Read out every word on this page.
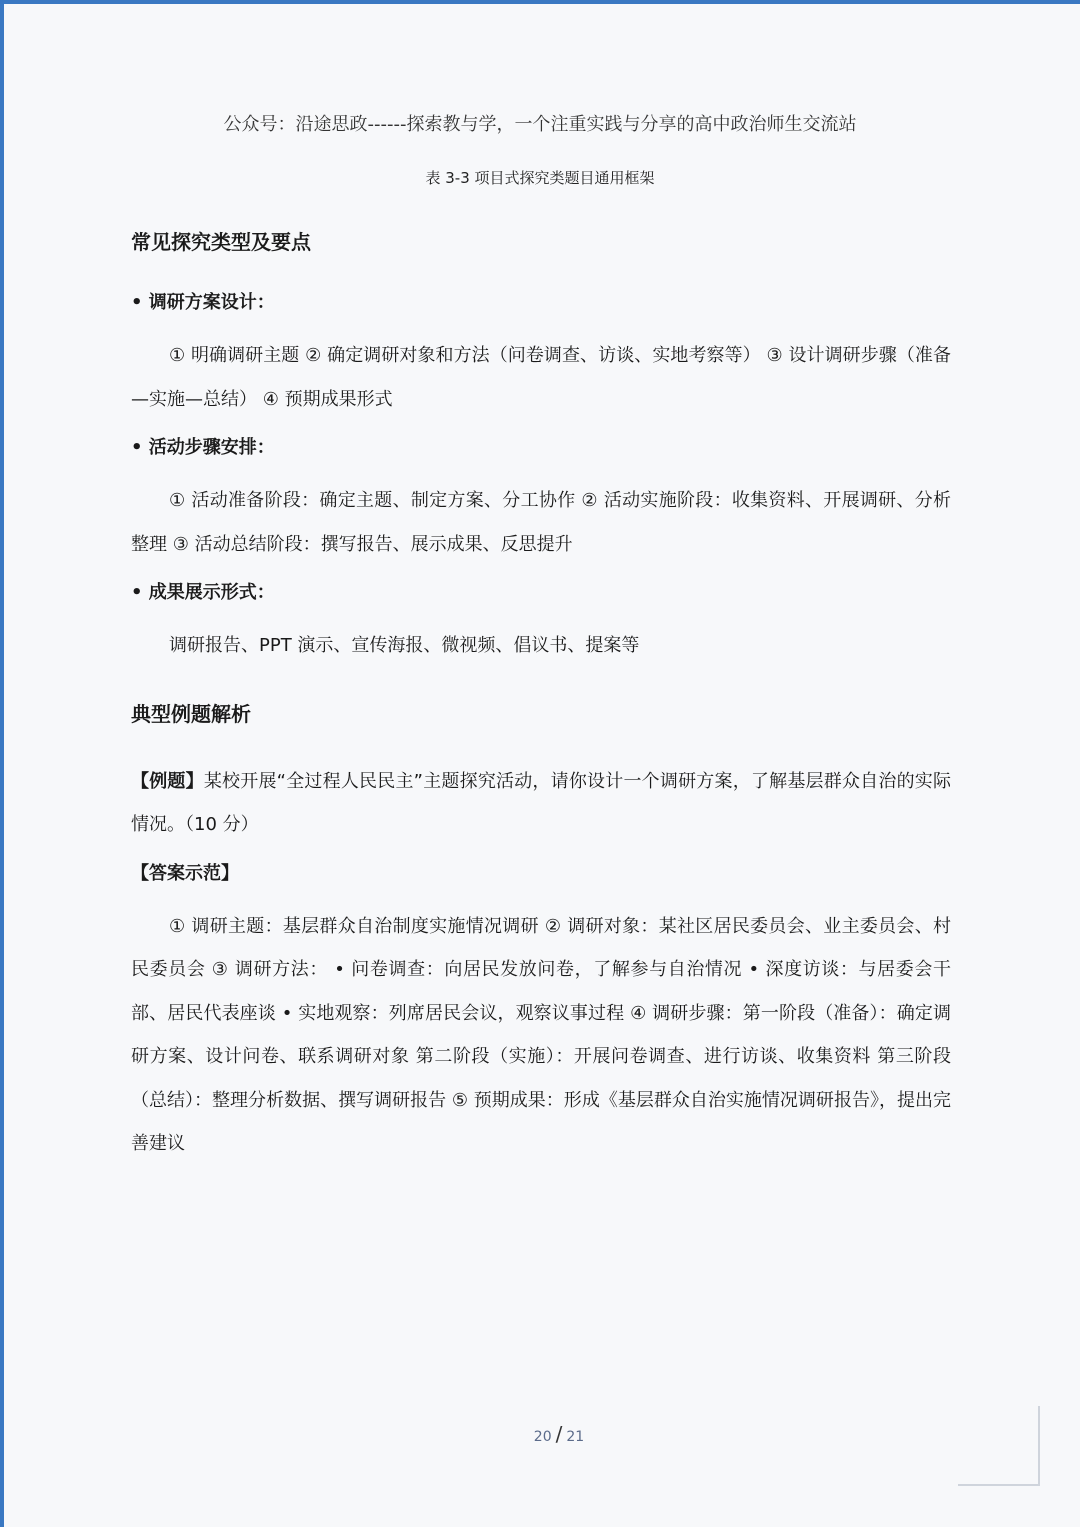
公众号：沿途思政------探索教与学，一个注重实践与分享的高中政治师生交流站
表 3-3 项目式探究类题目通用框架
常见探究类型及要点
• 调研方案设计：

① 明确调研主题 ② 确定调研对象和方法（问卷调查、访谈、实地考察等） ③ 设计调研步骤（准备—实施—总结） ④ 预期成果形式

• 活动步骤安排：

① 活动准备阶段：确定主题、制定方案、分工协作 ② 活动实施阶段：收集资料、开展调研、分析整理 ③ 活动总结阶段：撰写报告、展示成果、反思提升

• 成果展示形式：

调研报告、PPT 演示、宣传海报、微视频、倡议书、提案等

典型例题解析

【例题】某校开展“全过程人民民主”主题探究活动，请你设计一个调研方案，了解基层群众自治的实际情况。（10 分）

【答案示范】

① 调研主题：基层群众自治制度实施情况调研 ② 调研对象：某社区居民委员会、业主委员会、村民委员会 ③ 调研方法： • 问卷调查：向居民发放问卷，了解参与自治情况 • 深度访谈：与居委会干部、居民代表座谈 • 实地观察：列席居民会议，观察议事过程 ④ 调研步骤：第一阶段（准备）：确定调研方案、设计问卷、联系调研对象 第二阶段（实施）：开展问卷调查、进行访谈、收集资料 第三阶段（总结）：整理分析数据、撰写调研报告 ⑤ 预期成果：形成《基层群众自治实施情况调研报告》，提出完善建议

20 / 21
